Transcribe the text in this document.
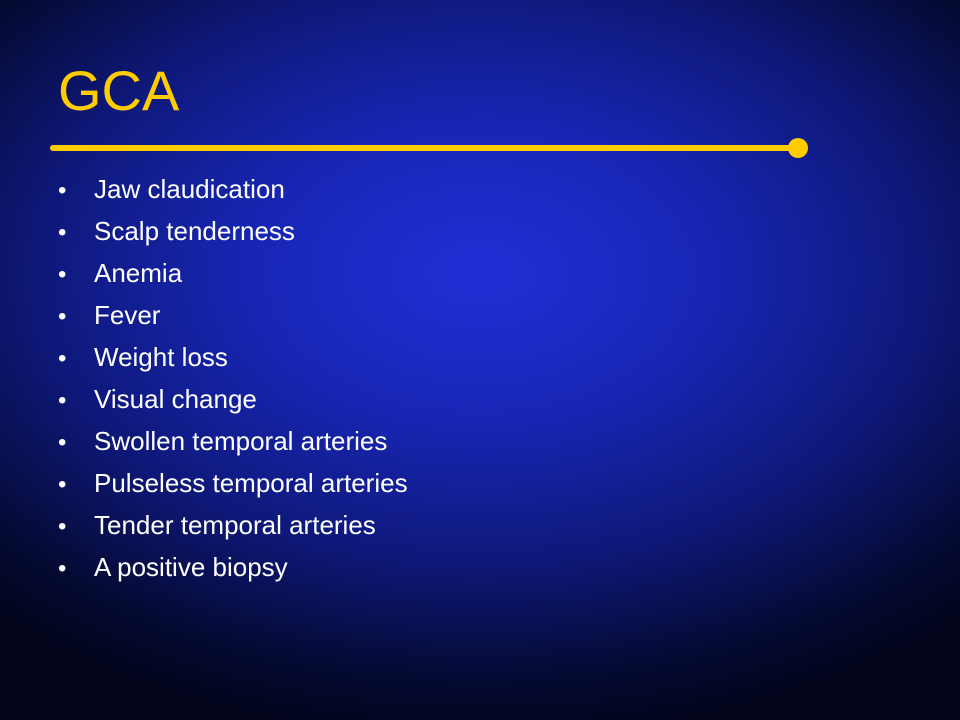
GCA
• Jaw claudication
• Scalp tenderness
• Anemia
• Fever
• Weight loss
• Visual change
• Swollen temporal arteries
• Pulseless temporal arteries
• Tender temporal arteries
• A positive biopsy
